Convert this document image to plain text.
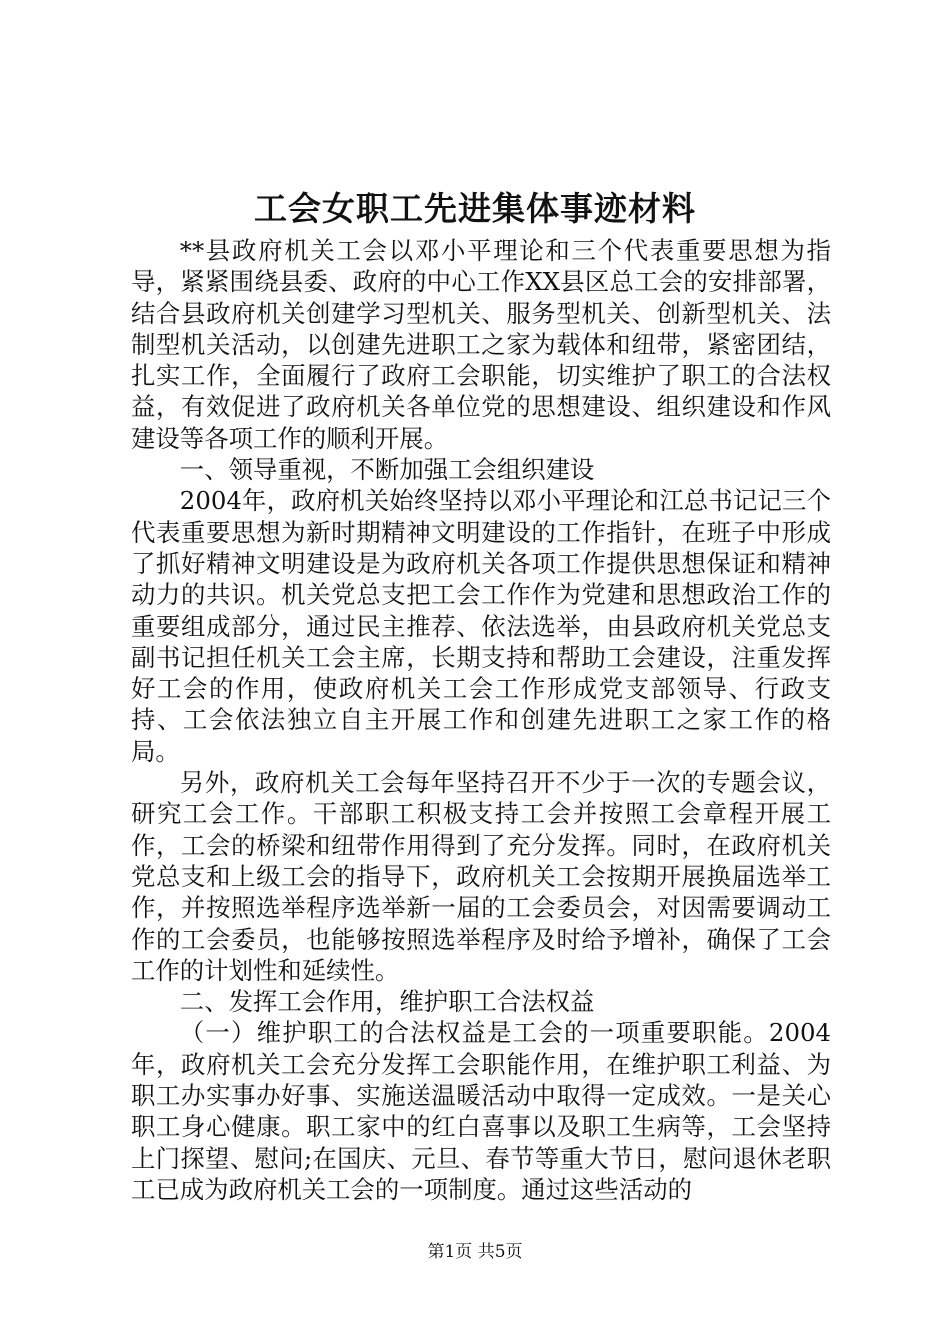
工会女职工先进集体事迹材料

**县政府机关工会以邓小平理论和三个代表重要思想为指导，紧紧围绕县委、政府的中心工作XX县区总工会的安排部署，结合县政府机关创建学习型机关、服务型机关、创新型机关、法制型机关活动，以创建先进职工之家为载体和纽带，紧密团结，扎实工作，全面履行了政府工会职能，切实维护了职工的合法权益，有效促进了政府机关各单位党的思想建设、组织建设和作风建设等各项工作的顺利开展。

一、领导重视，不断加强工会组织建设

2004年，政府机关始终坚持以邓小平理论和江总书记记三个代表重要思想为新时期精神文明建设的工作指针，在班子中形成了抓好精神文明建设是为政府机关各项工作提供思想保证和精神动力的共识。机关党总支把工会工作作为党建和思想政治工作的重要组成部分，通过民主推荐、依法选举，由县政府机关党总支副书记担任机关工会主席，长期支持和帮助工会建设，注重发挥好工会的作用，使政府机关工会工作形成党支部领导、行政支持、工会依法独立自主开展工作和创建先进职工之家工作的格局。

另外，政府机关工会每年坚持召开不少于一次的专题会议，研究工会工作。干部职工积极支持工会并按照工会章程开展工作，工会的桥梁和纽带作用得到了充分发挥。同时，在政府机关党总支和上级工会的指导下，政府机关工会按期开展换届选举工作，并按照选举程序选举新一届的工会委员会，对因需要调动工作的工会委员，也能够按照选举程序及时给予增补，确保了工会工作的计划性和延续性。

二、发挥工会作用，维护职工合法权益

（一）维护职工的合法权益是工会的一项重要职能。2004年，政府机关工会充分发挥工会职能作用，在维护职工利益、为职工办实事办好事、实施送温暖活动中取得一定成效。一是关心职工身心健康。职工家中的红白喜事以及职工生病等，工会坚持上门探望、慰问;在国庆、元旦、春节等重大节日，慰问退休老职工已成为政府机关工会的一项制度。通过这些活动的

第1页 共5页
